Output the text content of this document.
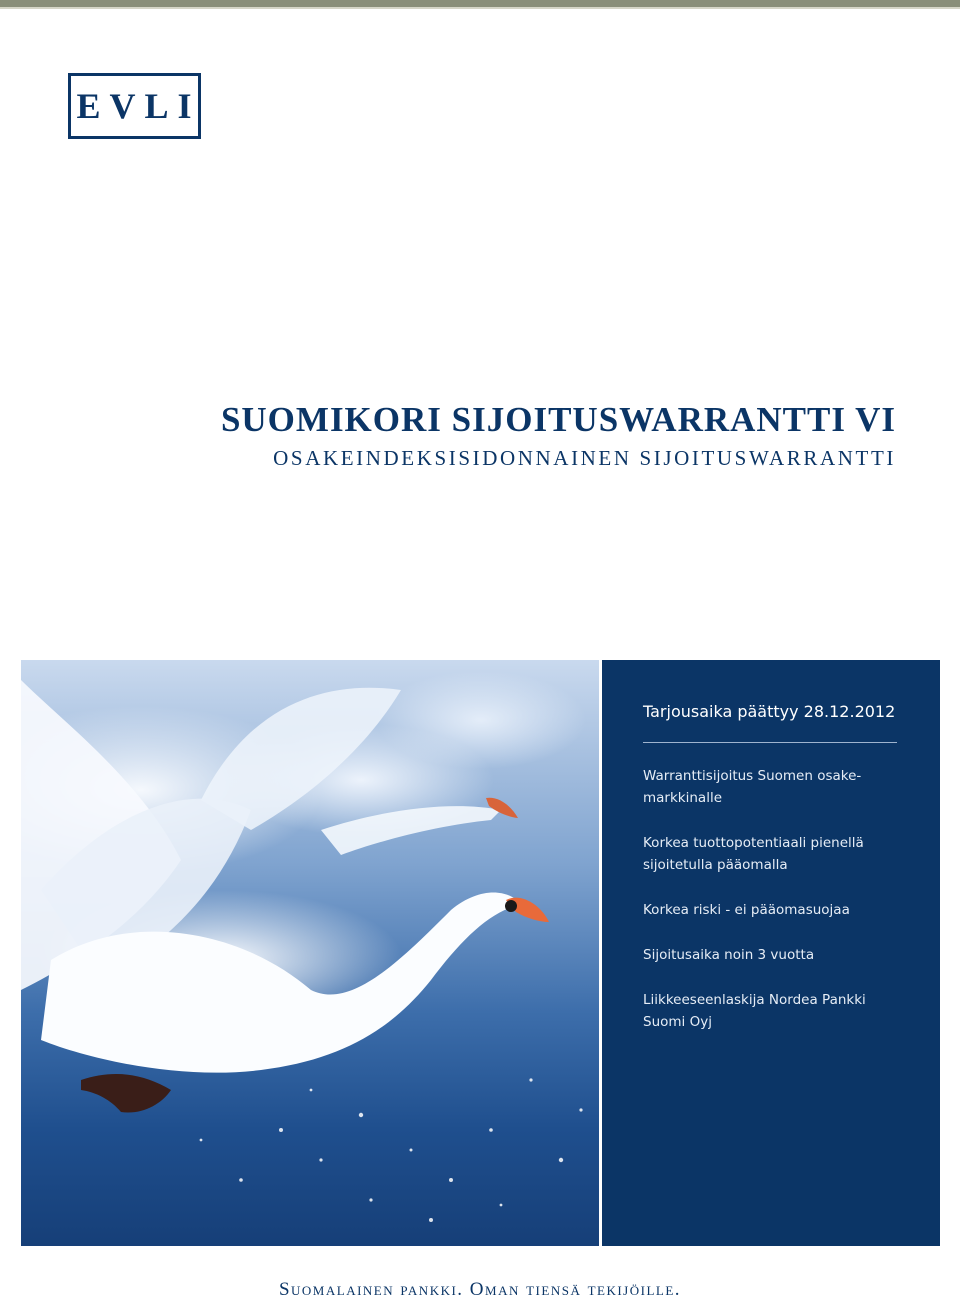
EVLI
SUOMIKORI SIJOITUSWARRANTTI VI
OSAKEINDEKSISIDONNAINEN SIJOITUSWARRANTTI
Tarjousaika päättyy 28.12.2012
Warranttisijoitus Suomen osake-
markkinalle
Korkea tuottopotentiaali pienellä sijoitetulla pääomalla
Korkea riski - ei pääomasuojaa
Sijoitusaika noin 3 vuotta
Liikkeeseenlaskija Nordea Pankki Suomi Oyj
Suomalainen pankki. Oman tiensä tekijöille.
